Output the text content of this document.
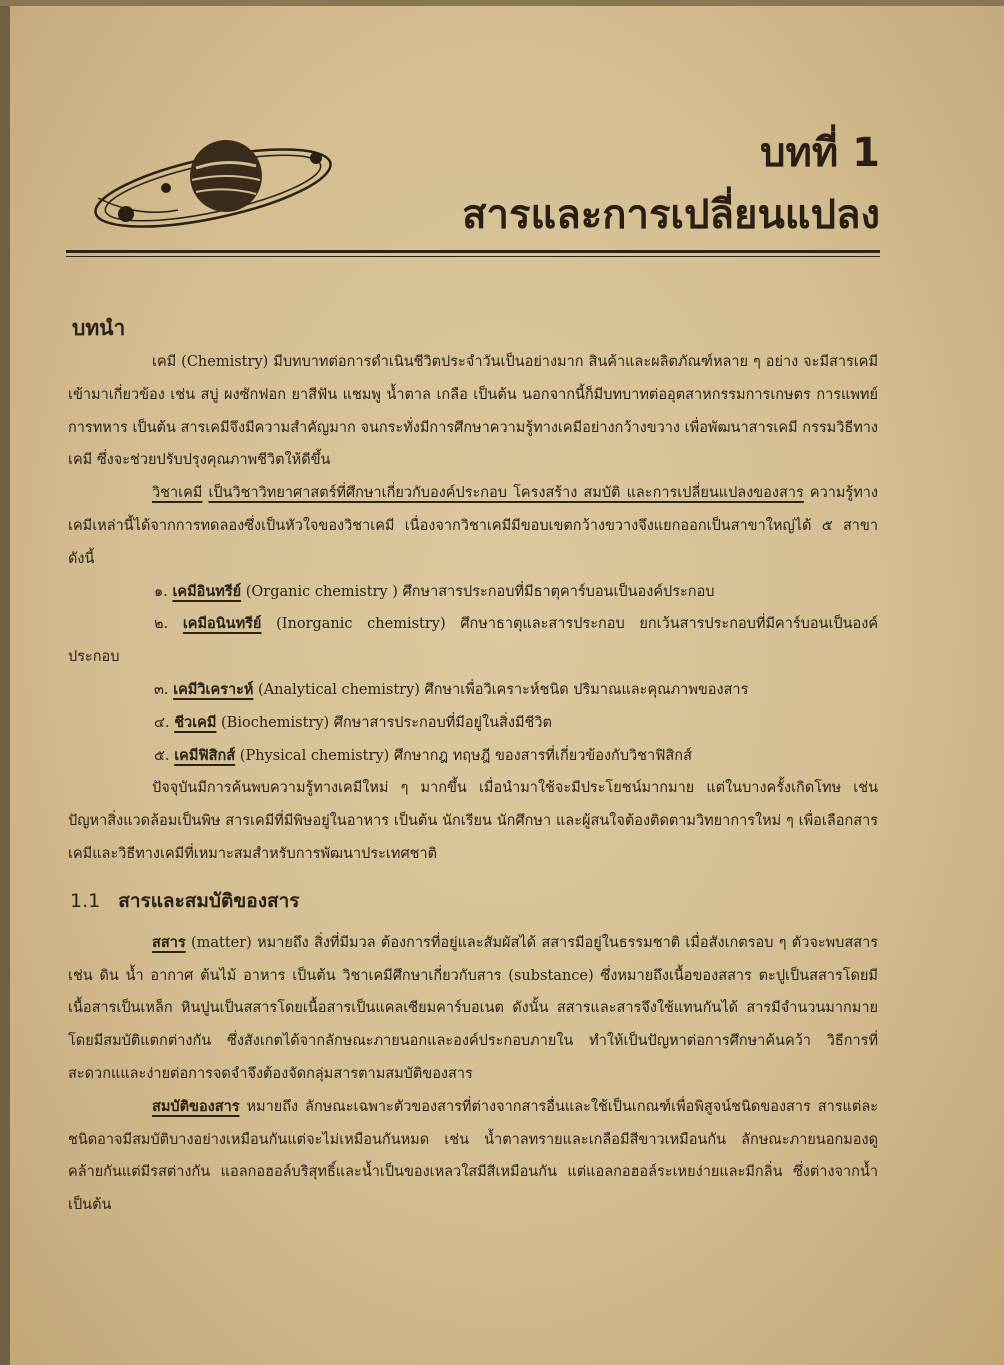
บทที่ 1
สารและการเปลี่ยนแปลง
บทนำ

เคมี (Chemistry) มีบทบาทต่อการดำเนินชีวิตประจำวันเป็นอย่างมาก สินค้าและผลิตภัณฑ์หลาย ๆ อย่าง จะมีสารเคมีเข้ามาเกี่ยวข้อง เช่น สบู่ ผงซักฟอก ยาสีฟัน แชมพู น้ำตาล เกลือ เป็นต้น นอกจากนี้ก็มีบทบาทต่ออุตสาหกรรมการเกษตร การแพทย์ การทหาร เป็นต้น สารเคมีจึงมีความสำคัญมาก จนกระทั่งมีการศึกษาความรู้ทางเคมีอย่างกว้างขวาง เพื่อพัฒนาสารเคมี กรรมวิธีทางเคมี ซึ่งจะช่วยปรับปรุงคุณภาพชีวิตให้ดีขึ้น

วิชาเคมี เป็นวิชาวิทยาศาสตร์ที่ศึกษาเกี่ยวกับองค์ประกอบ โครงสร้าง สมบัติ และการเปลี่ยนแปลงของสาร ความรู้ทางเคมีเหล่านี้ได้จากการทดลองซึ่งเป็นหัวใจของวิชาเคมี เนื่องจากวิชาเคมีมีขอบเขตกว้างขวางจึงแยกออกเป็นสาขาใหญ่ได้ ๕ สาขา ดังนี้

๑. เคมีอินทรีย์ (Organic chemistry ) ศึกษาสารประกอบที่มีธาตุคาร์บอนเป็นองค์ประกอบ

๒. เคมีอนินทรีย์ (Inorganic chemistry) ศึกษาธาตุและสารประกอบ ยกเว้นสารประกอบที่มีคาร์บอนเป็นองค์ประกอบ

๓. เคมีวิเคราะห์ (Analytical chemistry) ศึกษาเพื่อวิเคราะห์ชนิด ปริมาณและคุณภาพของสาร

๔. ชีวเคมี (Biochemistry) ศึกษาสารประกอบที่มีอยู่ในสิ่งมีชีวิต

๕. เคมีฟิสิกส์ (Physical chemistry) ศึกษากฎ ทฤษฎี ของสารที่เกี่ยวข้องกับวิชาฟิสิกส์

ปัจจุบันมีการค้นพบความรู้ทางเคมีใหม่ ๆ มากขึ้น เมื่อนำมาใช้จะมีประโยชน์มากมาย แต่ในบางครั้งเกิดโทษ เช่น ปัญหาสิ่งแวดล้อมเป็นพิษ สารเคมีที่มีพิษอยู่ในอาหาร เป็นต้น นักเรียน นักศึกษา และผู้สนใจต้องติดตามวิทยาการใหม่ ๆ เพื่อเลือกสารเคมีและวิธีทางเคมีที่เหมาะสมสำหรับการพัฒนาประเทศชาติ

1.1 สารและสมบัติของสาร

สสาร (matter) หมายถึง สิ่งที่มีมวล ต้องการที่อยู่และสัมผัสได้ สสารมีอยู่ในธรรมชาติ เมื่อสังเกตรอบ ๆ ตัวจะพบสสาร เช่น ดิน น้ำ อากาศ ต้นไม้ อาหาร เป็นต้น วิชาเคมีศึกษาเกี่ยวกับสาร (substance) ซึ่งหมายถึงเนื้อของสสาร ตะปูเป็นสสารโดยมีเนื้อสารเป็นเหล็ก หินปูนเป็นสสารโดยเนื้อสารเป็นแคลเซียมคาร์บอเนต ดังนั้น สสารและสารจึงใช้แทนกันได้ สารมีจำนวนมากมายโดยมีสมบัติแตกต่างกัน ซึ่งสังเกตได้จากลักษณะภายนอกและองค์ประกอบภายใน ทำให้เป็นปัญหาต่อการศึกษาค้นคว้า วิธีการที่สะดวกแและง่ายต่อการจดจำจึงต้องจัดกลุ่มสารตามสมบัติของสาร

สมบัติของสาร หมายถึง ลักษณะเฉพาะตัวของสารที่ต่างจากสารอื่นและใช้เป็นเกณฑ์เพื่อพิสูจน์ชนิดของสาร สารแต่ละชนิดอาจมีสมบัติบางอย่างเหมือนกันแต่จะไม่เหมือนกันหมด เช่น น้ำตาลทรายและเกลือมีสีขาวเหมือนกัน ลักษณะภายนอกมองดูคล้ายกันแต่มีรสต่างกัน แอลกอฮอล์บริสุทธิ์และน้ำเป็นของเหลวใสมีสีเหมือนกัน แต่แอลกอฮอล์ระเหยง่ายและมีกลิ่น ซึ่งต่างจากน้ำ เป็นต้น
